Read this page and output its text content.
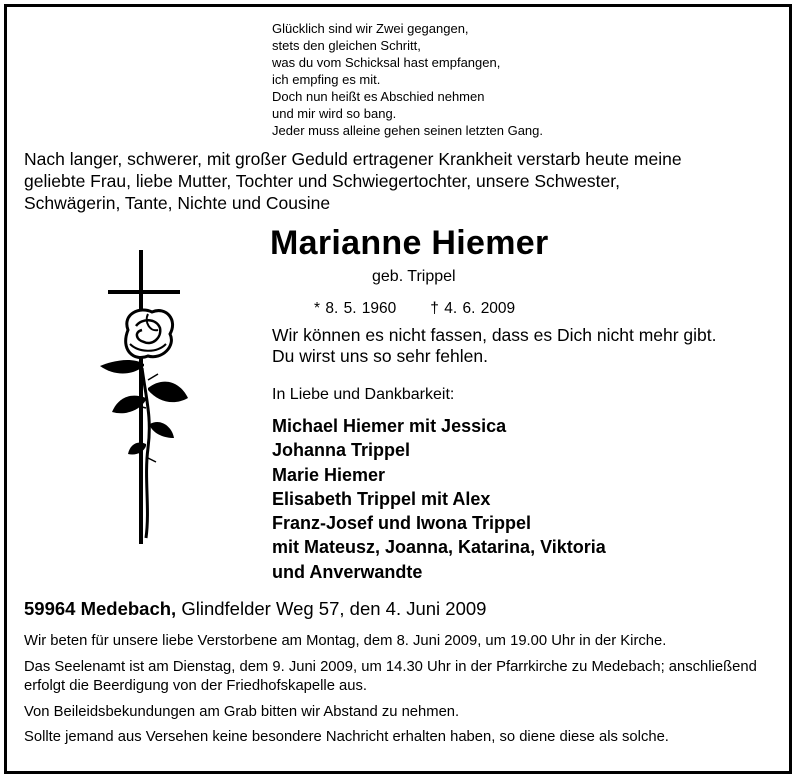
Glücklich sind wir Zwei gegangen,
stets den gleichen Schritt,
was du vom Schicksal hast empfangen,
ich empfing es mit.
Doch nun heißt es Abschied nehmen
und mir wird so bang.
Jeder muss alleine gehen seinen letzten Gang.
Nach langer, schwerer, mit großer Geduld ertragener Krankheit verstarb heute meine
geliebte Frau, liebe Mutter, Tochter und Schwiegertochter, unsere Schwester,
Schwägerin, Tante, Nichte und Cousine
Marianne Hiemer
geb. Trippel
* 8. 5. 1960 † 4. 6. 2009
Wir können es nicht fassen, dass es Dich nicht mehr gibt.
Du wirst uns so sehr fehlen.
In Liebe und Dankbarkeit:
Michael Hiemer mit Jessica
Johanna Trippel
Marie Hiemer
Elisabeth Trippel mit Alex
Franz-Josef und Iwona Trippel
mit Mateusz, Joanna, Katarina, Viktoria
und Anverwandte
59964 Medebach, Glindfelder Weg 57, den 4. Juni 2009

Wir beten für unsere liebe Verstorbene am Montag, dem 8. Juni 2009, um 19.00 Uhr in der Kirche.

Das Seelenamt ist am Dienstag, dem 9. Juni 2009, um 14.30 Uhr in der Pfarrkirche zu Medebach; anschließend erfolgt die Beerdigung von der Friedhofskapelle aus.

Von Beileidsbekundungen am Grab bitten wir Abstand zu nehmen.

Sollte jemand aus Versehen keine besondere Nachricht erhalten haben, so diene diese als solche.
